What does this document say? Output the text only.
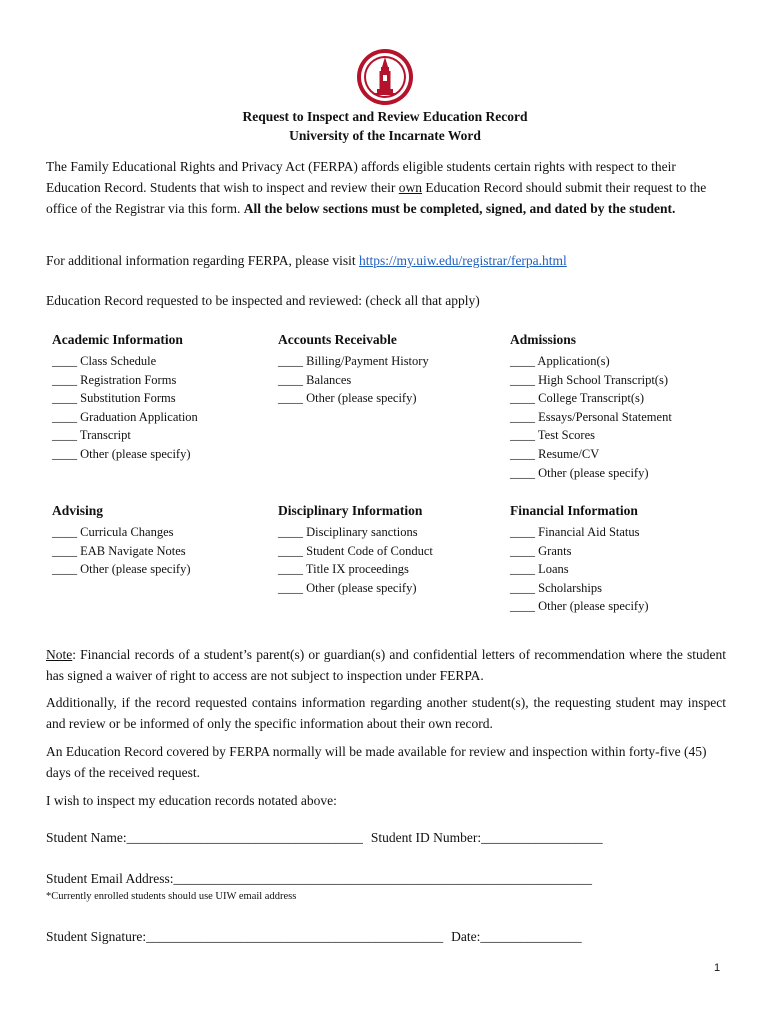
Request to Inspect and Review Education Record
University of the Incarnate Word
The Family Educational Rights and Privacy Act (FERPA) affords eligible students certain rights with respect to their Education Record. Students that wish to inspect and review their own Education Record should submit their request to the office of the Registrar via this form. All the below sections must be completed, signed, and dated by the student.
For additional information regarding FERPA, please visit https://my.uiw.edu/registrar/ferpa.html
Education Record requested to be inspected and reviewed: (check all that apply)
Academic Information
____ Class Schedule
____ Registration Forms
____ Substitution Forms
____ Graduation Application
____ Transcript
____ Other (please specify)
Accounts Receivable
____ Billing/Payment History
____ Balances
____ Other (please specify)
Admissions
____ Application(s)
____ High School Transcript(s)
____ College Transcript(s)
____ Essays/Personal Statement
____ Test Scores
____ Resume/CV
____ Other (please specify)
Advising
____ Curricula Changes
____ EAB Navigate Notes
____ Other (please specify)
Disciplinary Information
____ Disciplinary sanctions
____ Student Code of Conduct
____ Title IX proceedings
____ Other (please specify)
Financial Information
____ Financial Aid Status
____ Grants
____ Loans
____ Scholarships
____ Other (please specify)
Note: Financial records of a student’s parent(s) or guardian(s) and confidential letters of recommendation where the student has signed a waiver of right to access are not subject to inspection under FERPA.
Additionally, if the record requested contains information regarding another student(s), the requesting student may inspect and review or be informed of only the specific information about their own record.
An Education Record covered by FERPA normally will be made available for review and inspection within forty-five (45) days of the received request.
I wish to inspect my education records notated above:
Student Name:___________________________________ Student ID Number:__________________
Student Email Address:______________________________________________________________
*Currently enrolled students should use UIW email address
Student Signature:____________________________________________ Date:_______________
1
